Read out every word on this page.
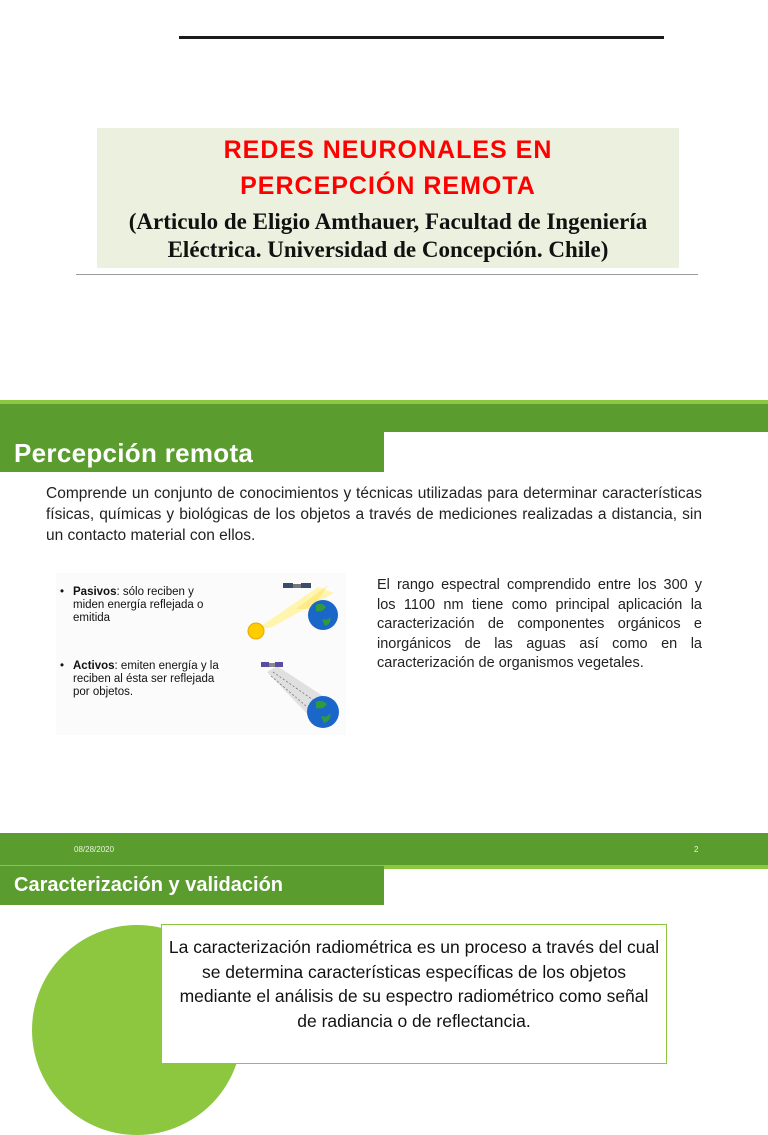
REDES NEURONALES EN
PERCEPCIÓN REMOTA
(Articulo de Eligio Amthauer, Facultad de Ingeniería
Eléctrica. Universidad de Concepción. Chile)
Percepción remota
Comprende un conjunto de conocimientos y técnicas utilizadas para determinar características físicas, químicas y biológicas de los objetos a través de mediciones realizadas a distancia, sin un contacto material con ellos.
• Pasivos: sólo reciben y miden energía reflejada o emitida
• Activos: emiten energía y la reciben al ésta ser reflejada por objetos.
El rango espectral comprendido entre los 300 y los 1100 nm tiene como principal aplicación la caracterización de componentes orgánicos e inorgánicos de las aguas así como en la caracterización de organismos vegetales.
08/28/2020	2
Caracterización y validación
La caracterización radiométrica es un proceso a través del cual se determina características específicas de los objetos mediante el análisis de su espectro radiométrico como señal de radiancia o de reflectancia.
